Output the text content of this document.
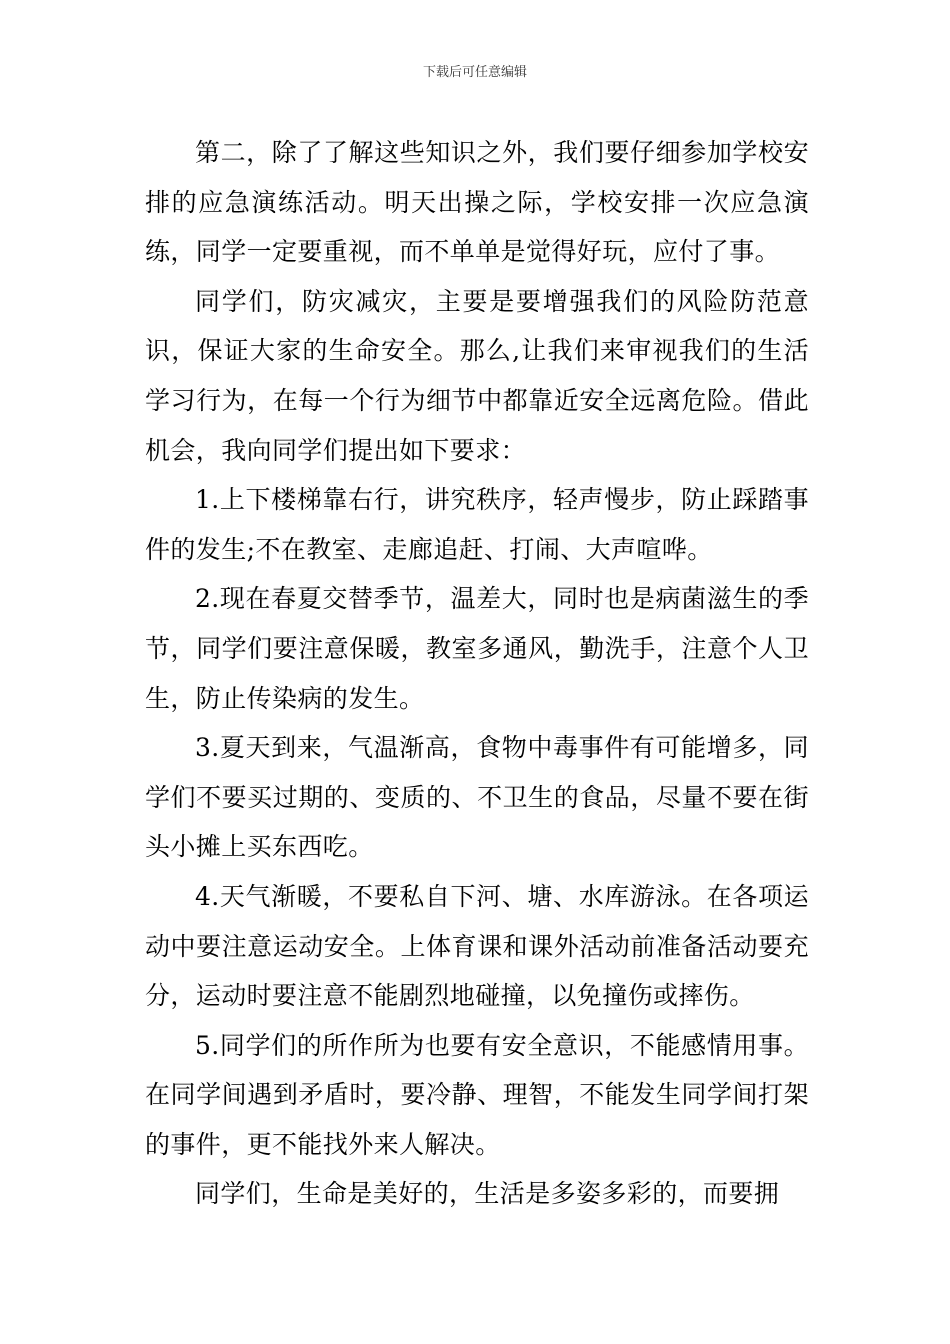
下载后可任意编辑

第二，除了了解这些知识之外，我们要仔细参加学校安排的应急演练活动。明天出操之际，学校安排一次应急演练，同学一定要重视，而不单单是觉得好玩，应付了事。

同学们，防灾减灾，主要是要增强我们的风险防范意识，保证大家的生命安全。那么,让我们来审视我们的生活学习行为，在每一个行为细节中都靠近安全远离危险。借此机会，我向同学们提出如下要求：

1.上下楼梯靠右行，讲究秩序，轻声慢步，防止踩踏事件的发生;不在教室、走廊追赶、打闹、大声喧哗。

2.现在春夏交替季节，温差大，同时也是病菌滋生的季节，同学们要注意保暖，教室多通风，勤洗手，注意个人卫生，防止传染病的发生。

3.夏天到来，气温渐高，食物中毒事件有可能增多，同学们不要买过期的、变质的、不卫生的食品，尽量不要在街头小摊上买东西吃。

4.天气渐暖，不要私自下河、塘、水库游泳。在各项运动中要注意运动安全。上体育课和课外活动前准备活动要充分，运动时要注意不能剧烈地碰撞，以免撞伤或摔伤。

5.同学们的所作所为也要有安全意识，不能感情用事。在同学间遇到矛盾时，要冷静、理智，不能发生同学间打架的事件，更不能找外来人解决。

同学们，生命是美好的，生活是多姿多彩的，而要拥
